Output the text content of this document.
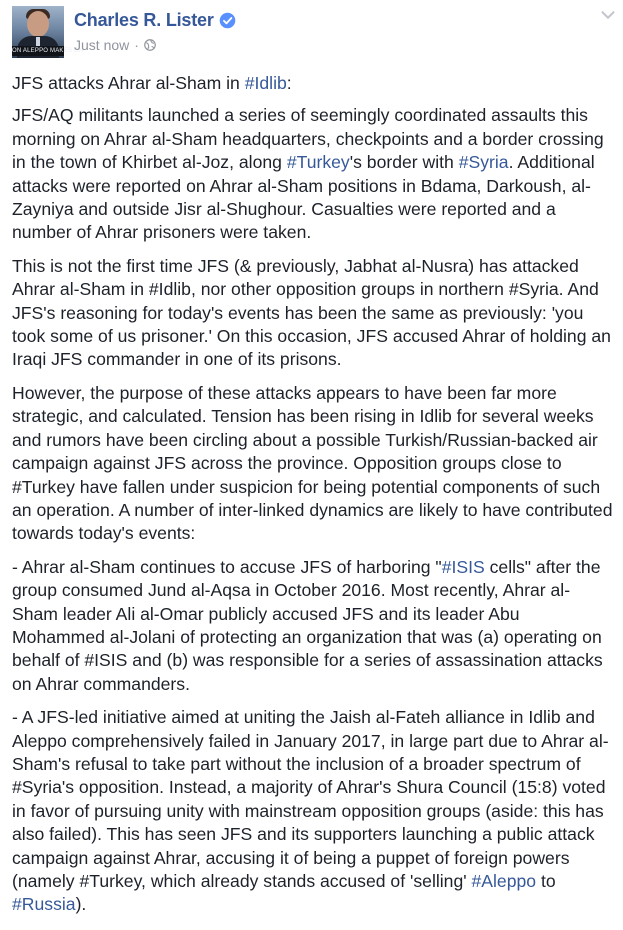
ON ALEPPO MAKES GN
Charles R. Lister
Just now ·

JFS attacks Ahrar al-Sham in #Idlib:

JFS/AQ militants launched a series of seemingly coordinated assaults this morning on Ahrar al-Sham headquarters, checkpoints and a border crossing in the town of Khirbet al-Joz, along #Turkey's border with #Syria. Additional attacks were reported on Ahrar al-Sham positions in Bdama, Darkoush, al-Zayniya and outside Jisr al-Shughour. Casualties were reported and a number of Ahrar prisoners were taken.

This is not the first time JFS (& previously, Jabhat al-Nusra) has attacked Ahrar al-Sham in #Idlib, nor other opposition groups in northern #Syria. And JFS's reasoning for today's events has been the same as previously: 'you took some of us prisoner.' On this occasion, JFS accused Ahrar of holding an Iraqi JFS commander in one of its prisons.

However, the purpose of these attacks appears to have been far more strategic, and calculated. Tension has been rising in Idlib for several weeks and rumors have been circling about a possible Turkish/Russian-backed air campaign against JFS across the province. Opposition groups close to #Turkey have fallen under suspicion for being potential components of such an operation. A number of inter-linked dynamics are likely to have contributed towards today's events:

- Ahrar al-Sham continues to accuse JFS of harboring "#ISIS cells" after the group consumed Jund al-Aqsa in October 2016. Most recently, Ahrar al-Sham leader Ali al-Omar publicly accused JFS and its leader Abu Mohammed al-Jolani of protecting an organization that was (a) operating on behalf of #ISIS and (b) was responsible for a series of assassination attacks on Ahrar commanders.

- A JFS-led initiative aimed at uniting the Jaish al-Fateh alliance in Idlib and Aleppo comprehensively failed in January 2017, in large part due to Ahrar al-Sham's refusal to take part without the inclusion of a broader spectrum of #Syria's opposition. Instead, a majority of Ahrar's Shura Council (15:8) voted in favor of pursuing unity with mainstream opposition groups (aside: this has also failed). This has seen JFS and its supporters launching a public attack campaign against Ahrar, accusing it of being a puppet of foreign powers (namely #Turkey, which already stands accused of 'selling' #Aleppo to #Russia).
